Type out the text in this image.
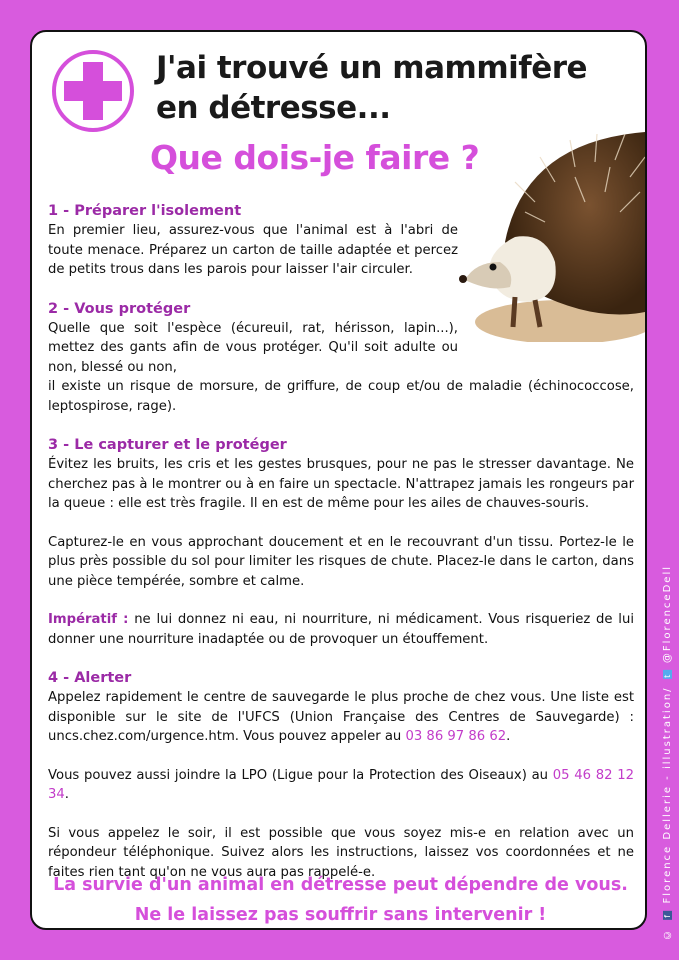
J'ai trouvé un mammifère
en détresse...
Que dois-je faire ?
1 - Préparer l'isolement

En premier lieu, assurez-vous que l'animal est à l'abri de toute menace. Préparez un carton de taille adaptée et percez de petits trous dans les parois pour laisser l'air circuler.

2 - Vous protéger

Quelle que soit l'espèce (écureuil, rat, hérisson, lapin...), mettez des gants afin de vous protéger. Qu'il soit adulte ou non, blessé ou non,

il existe un risque de morsure, de griffure, de coup et/ou de maladie (échinococcose, leptospirose, rage).

3 - Le capturer et le protéger

Évitez les bruits, les cris et les gestes brusques, pour ne pas le stresser davantage. Ne cherchez pas à le montrer ou à en faire un spectacle. N'attrapez jamais les rongeurs par la queue : elle est très fragile. Il en est de même pour les ailes de chauves-souris.

Capturez-le en vous approchant doucement et en le recouvrant d'un tissu. Portez-le le plus près possible du sol pour limiter les risques de chute. Placez-le dans le carton, dans une pièce tempérée, sombre et calme.

Impératif : ne lui donnez ni eau, ni nourriture, ni médicament. Vous risqueriez de lui donner une nourriture inadaptée ou de provoquer un étouffement.

4 - Alerter

Appelez rapidement le centre de sauvegarde le plus proche de chez vous. Une liste est disponible sur le site de l'UFCS (Union Française des Centres de Sauvegarde) : uncs.chez.com/urgence.htm. Vous pouvez appeler au 03 86 97 86 62.

Vous pouvez aussi joindre la LPO (Ligue pour la Protection des Oiseaux) au 05 46 82 12 34.

Si vous appelez le soir, il est possible que vous soyez mis-e en relation avec un répondeur téléphonique. Suivez alors les instructions, laissez vos coordonnées et ne faites rien tant qu'on ne vous aura pas rappelé-e.

La survie d'un animal en détresse peut dépendre de vous.
Ne le laissez pas souffrir sans intervenir !
© f Florence Dellerie - illustration/ t @FlorenceDell
